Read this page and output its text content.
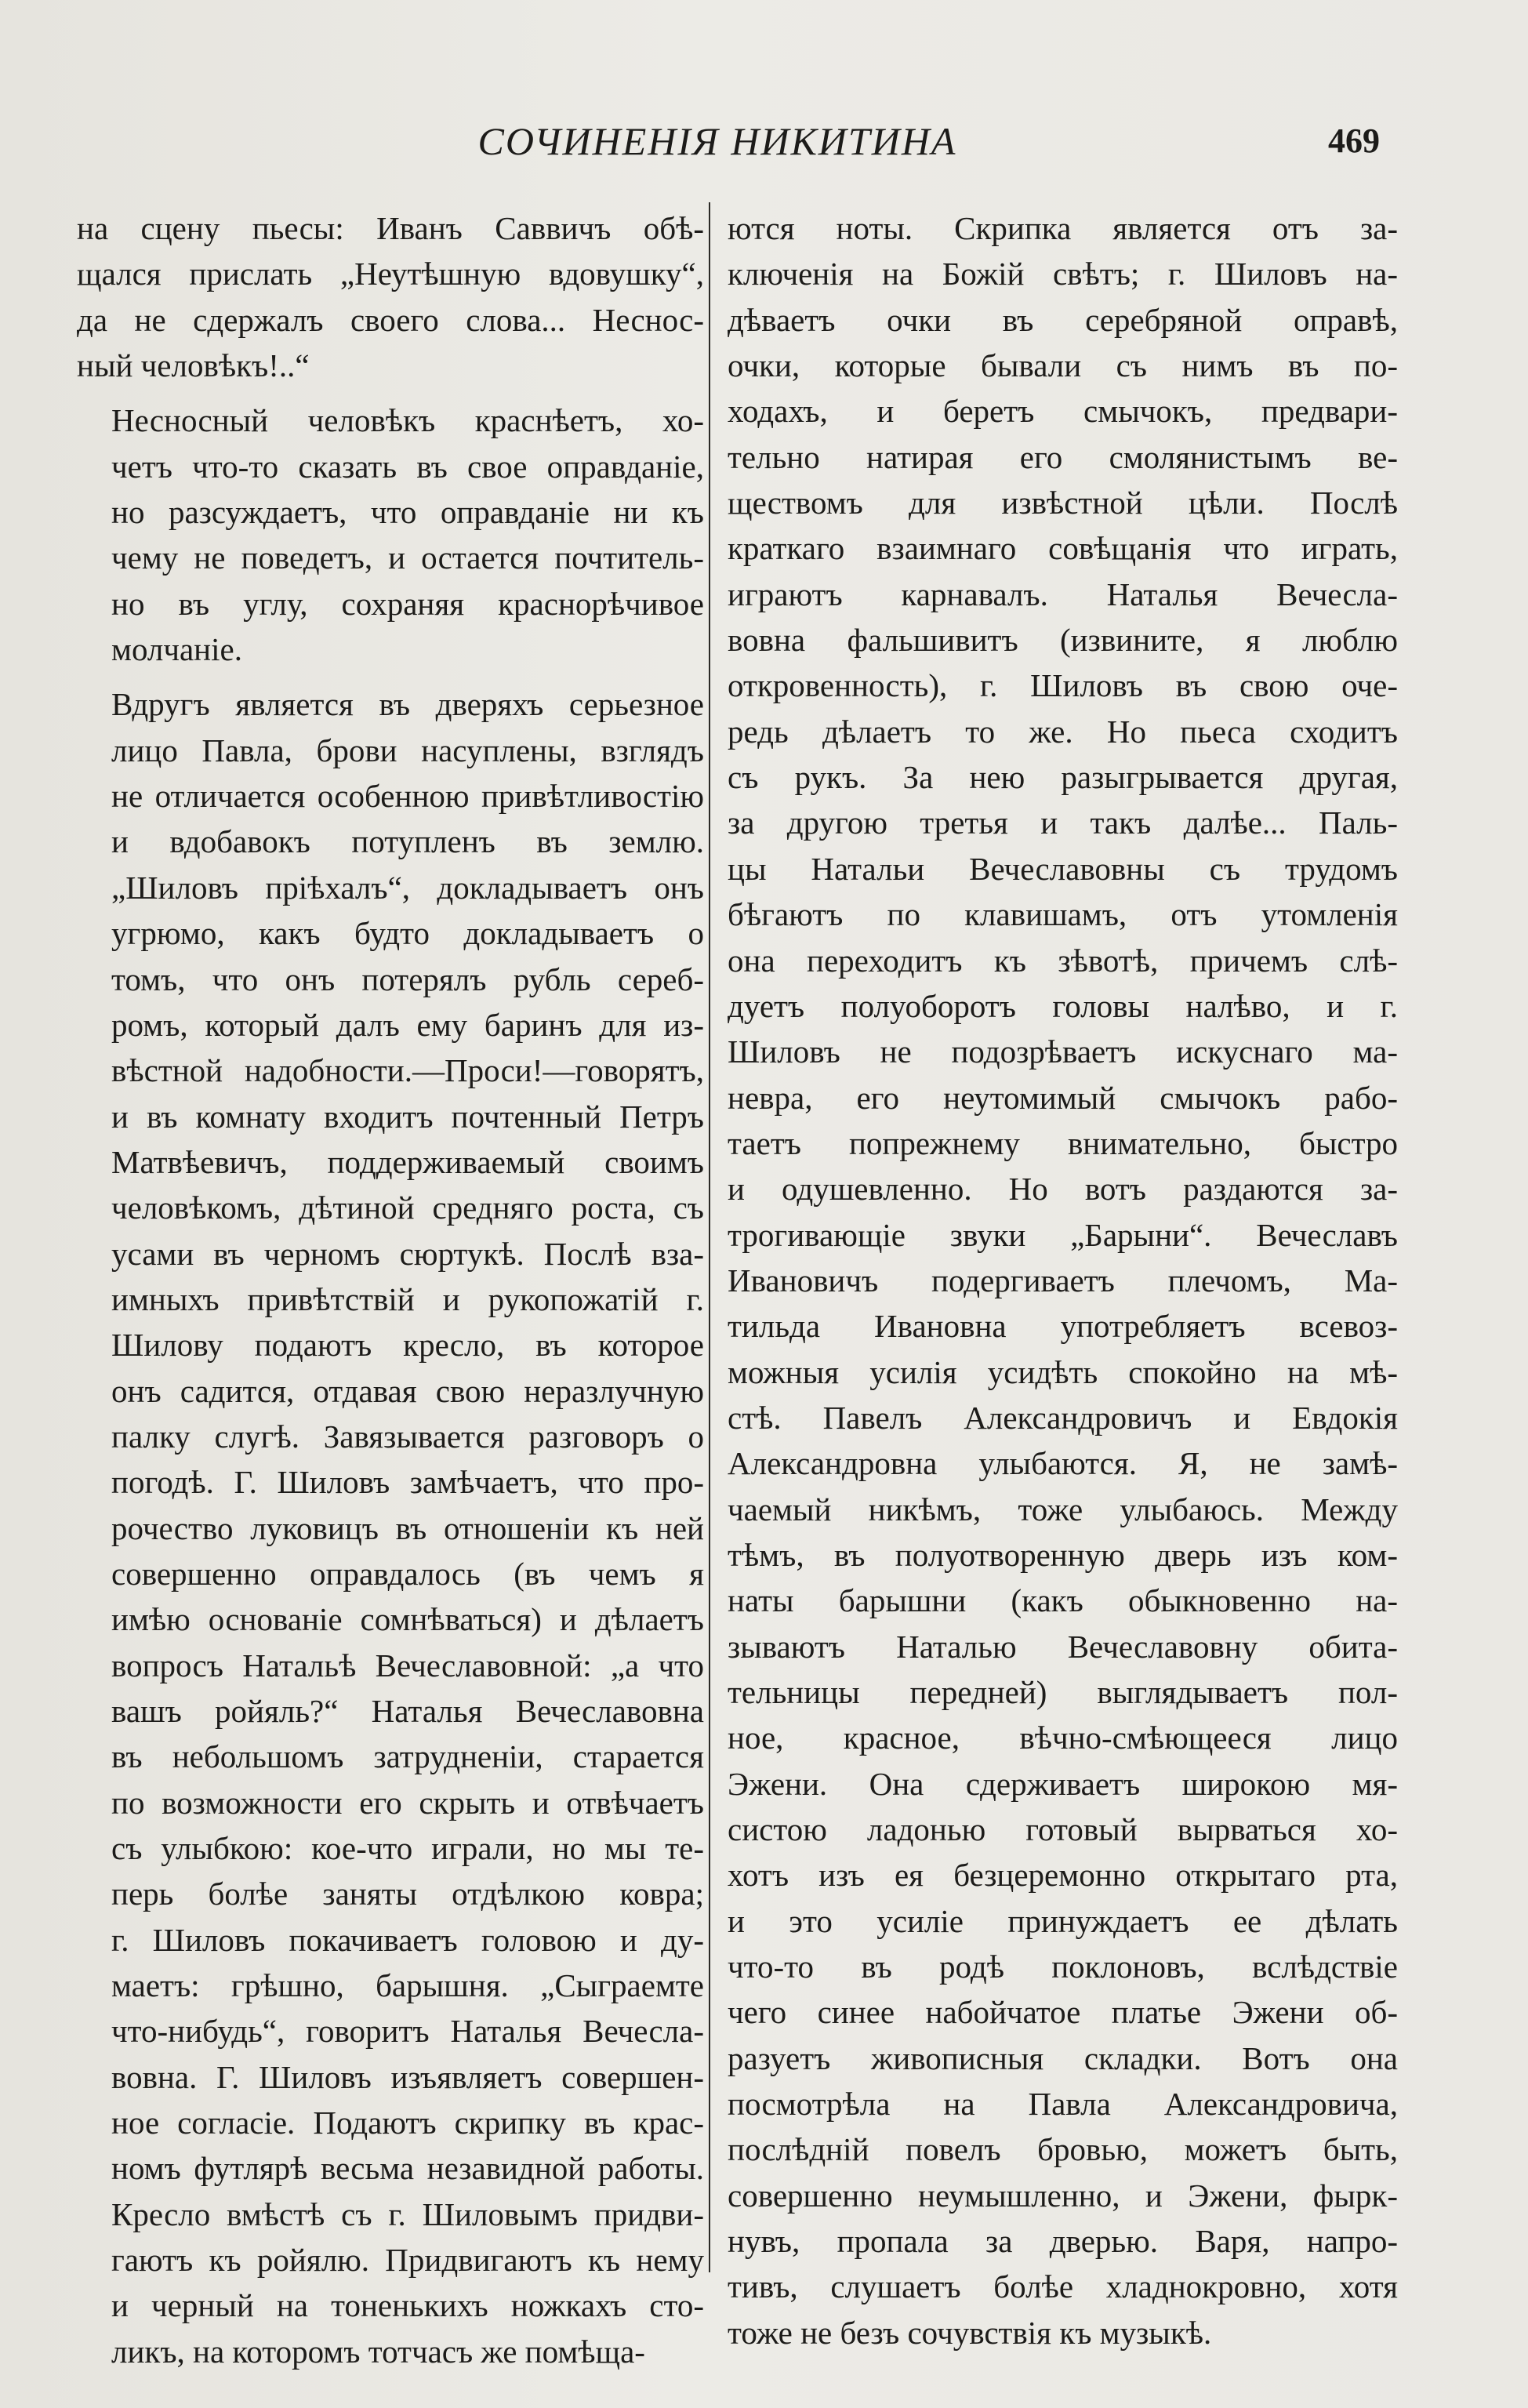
СОЧИНЕНІЯ НИКИТИНА	469

на сцену пьесы: Иванъ Саввичъ обѣ-
щался прислать „Неутѣшную вдовушку“,
да не сдержалъ своего слова... Неснос-
ный человѣкъ!..“

Несносный человѣкъ краснѣетъ, хо-
четъ что-то сказать въ свое оправданіе,
но разсуждаетъ, что оправданіе ни къ
чему не поведетъ, и остается почтитель-
но въ углу, сохраняя краснорѣчивое
молчаніе.

Вдругъ является въ дверяхъ серьезное
лицо Павла, брови насуплены, взглядъ
не отличается особенною привѣтливостію
и вдобавокъ потупленъ въ землю.
„Шиловъ пріѣхалъ“, докладываетъ онъ
угрюмо, какъ будто докладываетъ о
томъ, что онъ потерялъ рубль сереб-
ромъ, который далъ ему баринъ для из-
вѣстной надобности.—Проси!—говорятъ,
и въ комнату входитъ почтенный Петръ
Матвѣевичъ, поддерживаемый своимъ
человѣкомъ, дѣтиной средняго роста, съ
усами въ черномъ сюртукѣ. Послѣ вза-
имныхъ привѣтствій и рукопожатій г.
Шилову подаютъ кресло, въ которое
онъ садится, отдавая свою неразлучную
палку слугѣ. Завязывается разговоръ о
погодѣ. Г. Шиловъ замѣчаетъ, что про-
рочество луковицъ въ отношеніи къ ней
совершенно оправдалось (въ чемъ я
имѣю основаніе сомнѣваться) и дѣлаетъ
вопросъ Натальѣ Вечеславовной: „а что
вашъ ройяль?“ Наталья Вечеславовна
въ небольшомъ затрудненіи, старается
по возможности его скрыть и отвѣчаетъ
съ улыбкою: кое-что играли, но мы те-
перь болѣе заняты отдѣлкою ковра;
г. Шиловъ покачиваетъ головою и ду-
маетъ: грѣшно, барышня. „Сыграемте
что-нибудь“, говоритъ Наталья Вечесла-
вовна. Г. Шиловъ изъявляетъ совершен-
ное согласіе. Подаютъ скрипку въ крас-
номъ футлярѣ весьма незавидной работы.
Кресло вмѣстѣ съ г. Шиловымъ придви-
гаютъ къ ройялю. Придвигаютъ къ нему
и черный на тоненькихъ ножкахъ сто-
ликъ, на которомъ тотчасъ же помѣща-

ются ноты. Скрипка является отъ за-
ключенія на Божій свѣтъ; г. Шиловъ на-
дѣваетъ очки въ серебряной оправѣ,
очки, которые бывали съ нимъ въ по-
ходахъ, и беретъ смычокъ, предвари-
тельно натирая его смолянистымъ ве-
ществомъ для извѣстной цѣли. Послѣ
краткаго взаимнаго совѣщанія что играть,
играютъ карнавалъ. Наталья Вечесла-
вовна фальшивитъ (извините, я люблю
откровенность), г. Шиловъ въ свою оче-
редь дѣлаетъ то же. Но пьеса сходитъ
съ рукъ. За нею разыгрывается другая,
за другою третья и такъ далѣе... Паль-
цы Натальи Вечеславовны съ трудомъ
бѣгаютъ по клавишамъ, отъ утомленія
она переходитъ къ зѣвотѣ, причемъ слѣ-
дуетъ полуоборотъ головы налѣво, и г.
Шиловъ не подозрѣваетъ искуснаго ма-
невра, его неутомимый смычокъ рабо-
таетъ попрежнему внимательно, быстро
и одушевленно. Но вотъ раздаются за-
трогивающіе звуки „Барыни“. Вечеславъ
Ивановичъ подергиваетъ плечомъ, Ма-
тильда Ивановна употребляетъ всевоз-
можныя усилія усидѣть спокойно на мѣ-
стѣ. Павелъ Александровичъ и Евдокія
Александровна улыбаются. Я, не замѣ-
чаемый никѣмъ, тоже улыбаюсь. Между
тѣмъ, въ полуотворенную дверь изъ ком-
наты барышни (какъ обыкновенно на-
зываютъ Наталью Вечеславовну обита-
тельницы передней) выглядываетъ пол-
ное, красное, вѣчно-смѣющееся лицо
Эжени. Она сдерживаетъ широкою мя-
систою ладонью готовый вырваться хо-
хотъ изъ ея безцеремонно открытаго рта,
и это усиліе принуждаетъ ее дѣлать
что-то въ родѣ поклоновъ, вслѣдствіе
чего синее набойчатое платье Эжени об-
разуетъ живописныя складки. Вотъ она
посмотрѣла на Павла Александровича,
послѣдній повелъ бровью, можетъ быть,
совершенно неумышленно, и Эжени, фырк-
нувъ, пропала за дверью. Варя, напро-
тивъ, слушаетъ болѣе хладнокровно, хотя
тоже не безъ сочувствія къ музыкѣ.
